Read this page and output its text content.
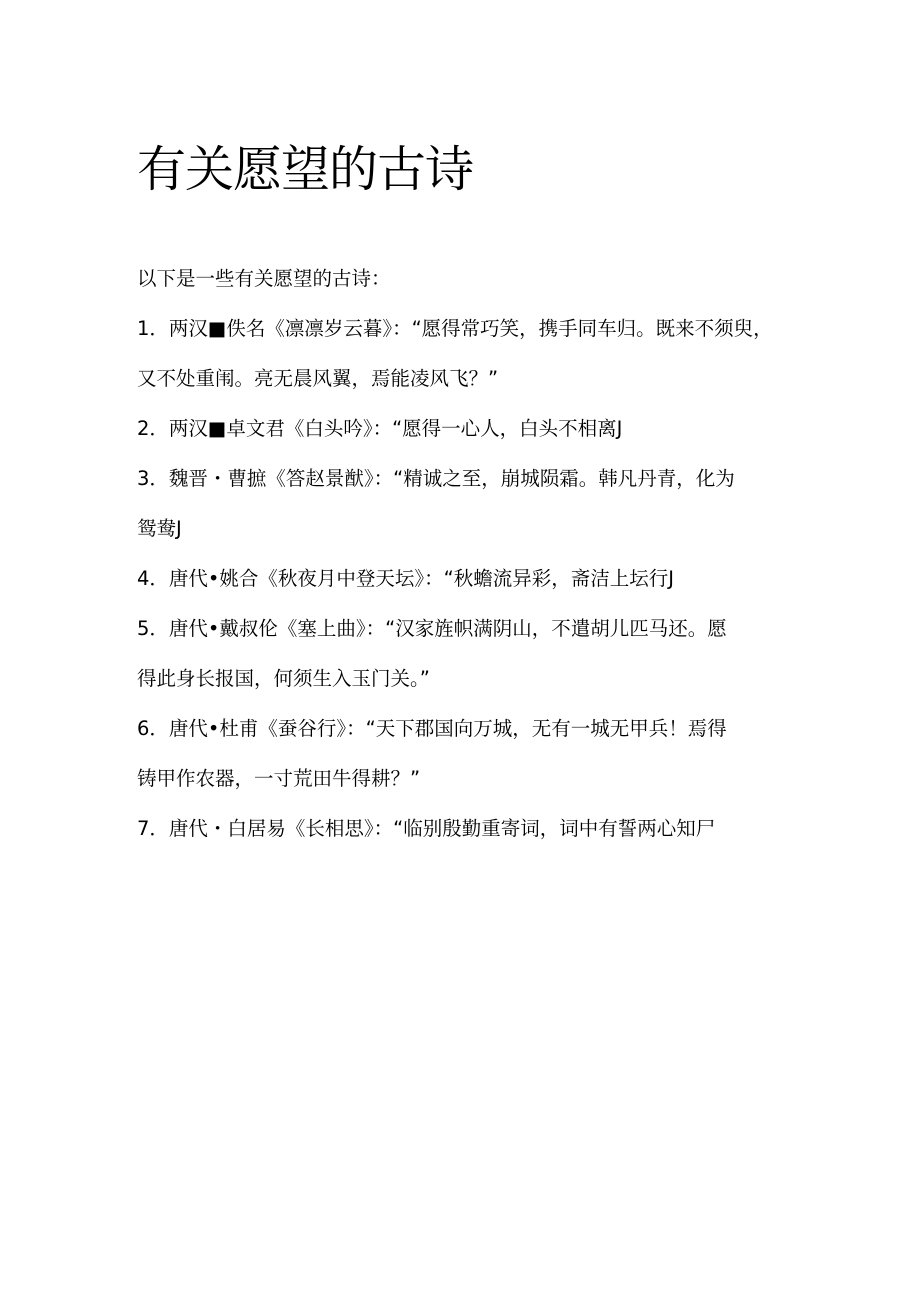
有关愿望的古诗

以下是一些有关愿望的古诗：

1．两汉■佚名《凛凛岁云暮》：“愿得常巧笑，携手同车归。既来不须臾，

又不处重闱。亮无晨风翼，焉能凌风飞？”

2．两汉■卓文君《白头吟》：“愿得一心人，白头不相离J

3．魏晋・曹摭《答赵景猷》：“精诚之至，崩城陨霜。韩凡丹青，化为

鸳鸯J

4．唐代•姚合《秋夜月中登天坛》：“秋蟾流异彩，斋洁上坛行J

5．唐代•戴叔伦《塞上曲》：“汉家旌帜满阴山，不遣胡儿匹马还。愿

得此身长报国，何须生入玉门关。”

6．唐代•杜甫《蚕谷行》：“天下郡国向万城，无有一城无甲兵！焉得

铸甲作农器，一寸荒田牛得耕？”

7．唐代・白居易《长相思》：“临别殷勤重寄词，词中有誓两心知尸
